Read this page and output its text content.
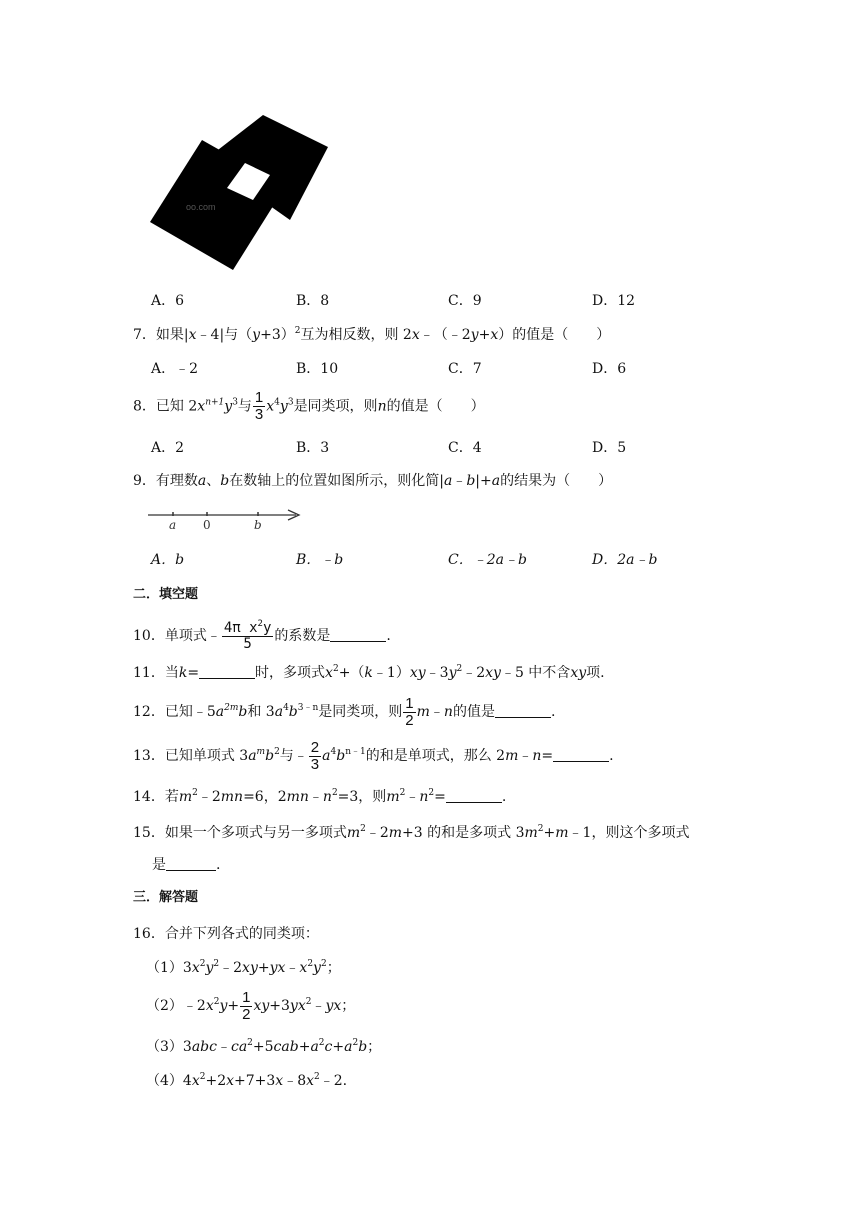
oo.com
A．6	B．8	C．9	D．12
7．如果|x﹣4|与$(y+3)^2$互为相反数，则 2x﹣（﹣2y+x）的值是（　　）
A．﹣2	B．10	C．7	D．6
8．已知 $2x^{n+1}y^3$与 $\frac{1}{3} x^4y^3$是同类项，则n的值是（　　）
A．2	B．3	C．4	D．5
9．有理数a、b在数轴上的位置如图所示，则化简|a﹣b|+a的结果为（　　）
a 0	b
A．b	B．﹣b	C．﹣2a﹣b	D．2a﹣b
二．填空题
10．单项式﹣ $\frac{4\pi x^2y}{5}$ 的系数是	.
11．当k=	时，多项式$x^2+(k﹣1)xy﹣3y^2﹣2xy﹣5$ 中不含xy项.
12．已知$﹣5a^{2m}b$和 $3a^4b^{3﹣n}$是同类项，则 $\frac{1}{2}$ m﹣n的值是	.
13．已知单项式 $3a^mb^2$与﹣ $\frac{2}{3} a^4b^{n﹣1}$的和是单项式，那么 2m﹣n=	.
14．若$m^2﹣2mn=6$，$2mn﹣n^2=3$，则$m^2﹣n^2=$	.
15．如果一个多项式与另一多项式$m^2﹣2m+3$ 的和是多项式 $3m^2+m﹣1$，则这个多项式
是	.
三．解答题
16．合并下列各式的同类项：
$(1)3x^2y^2﹣2xy+yx﹣x^2y^2$；
$(2)﹣2x^2y+ \frac{1}{2}$ $xy+3yx^2﹣yx$；
$(3)3abc﹣ca^2+5cab+a^2c+a^2b$；
$(4)4x^2+2x+7+3x﹣8x^2﹣2$.
